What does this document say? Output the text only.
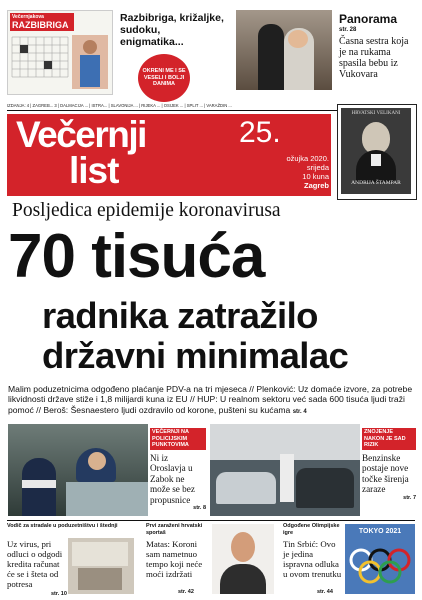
Večernjakova
RAZBIBRIGA
Razbibriga, križaljke, sudoku, enigmatika...
OKRENI ME I SE VESELI I BOLJI DANIMA
Panorama
str. 28
Časna sestra koja je na rukama spasila bebu iz Vukovara
IZDANJA: 4 | ZAGREB... 3 | DALMACIJA ... | ISTRA... | SLAVONIJA ... | RIJEKA ... | OSIJEK ... | SPLIT ... | VARAŽDIN ...
Večernji
list
25.
ožujka 2020.
srijeda
10 kuna
Zagreb
HRVATSKI VELIKANI
ANDRIJA ŠTAMPAR
Posljedica epidemije koronavirusa
70 tisuća
radnika zatražilo
državni minimalac
Malim poduzetnicima odgođeno plaćanje PDV-a na tri mjeseca // Plenković: Uz domaće izvore, za potrebe likvidnosti države stiže i 1,8 milijardi kuna iz EU // HUP: U realnom sektoru već sada 600 tisuća ljudi traži pomoć // Beroš: Šesnaestero ljudi ozdravilo od korone, pušteni su kućama str. 4
VEČERNJI NA POLICIJSKIM PUNKTOVIMA
Ni iz Oroslavja u Zabok ne može se bez propusnice
str. 8
ZNOJENJE NAKON JE SAD RIZIK
Benzinske postaje nove točke širenja zaraze
str. 7
Vodič za stradale u poduzetništvu i štednji
Uz virus, pri odluci o odgodi kredita računat će se i šteta od potresa
str. 10
Prvi zaraženi hrvatski sportaš
Matas: Koroni sam nametnuo tempo koji neće moći izdržati
str. 42
Odgođene Olimpijske igre
Tin Srbić: Ovo je jedina ispravna odluka u ovom trenutku
str. 44
TOKYO 2021
